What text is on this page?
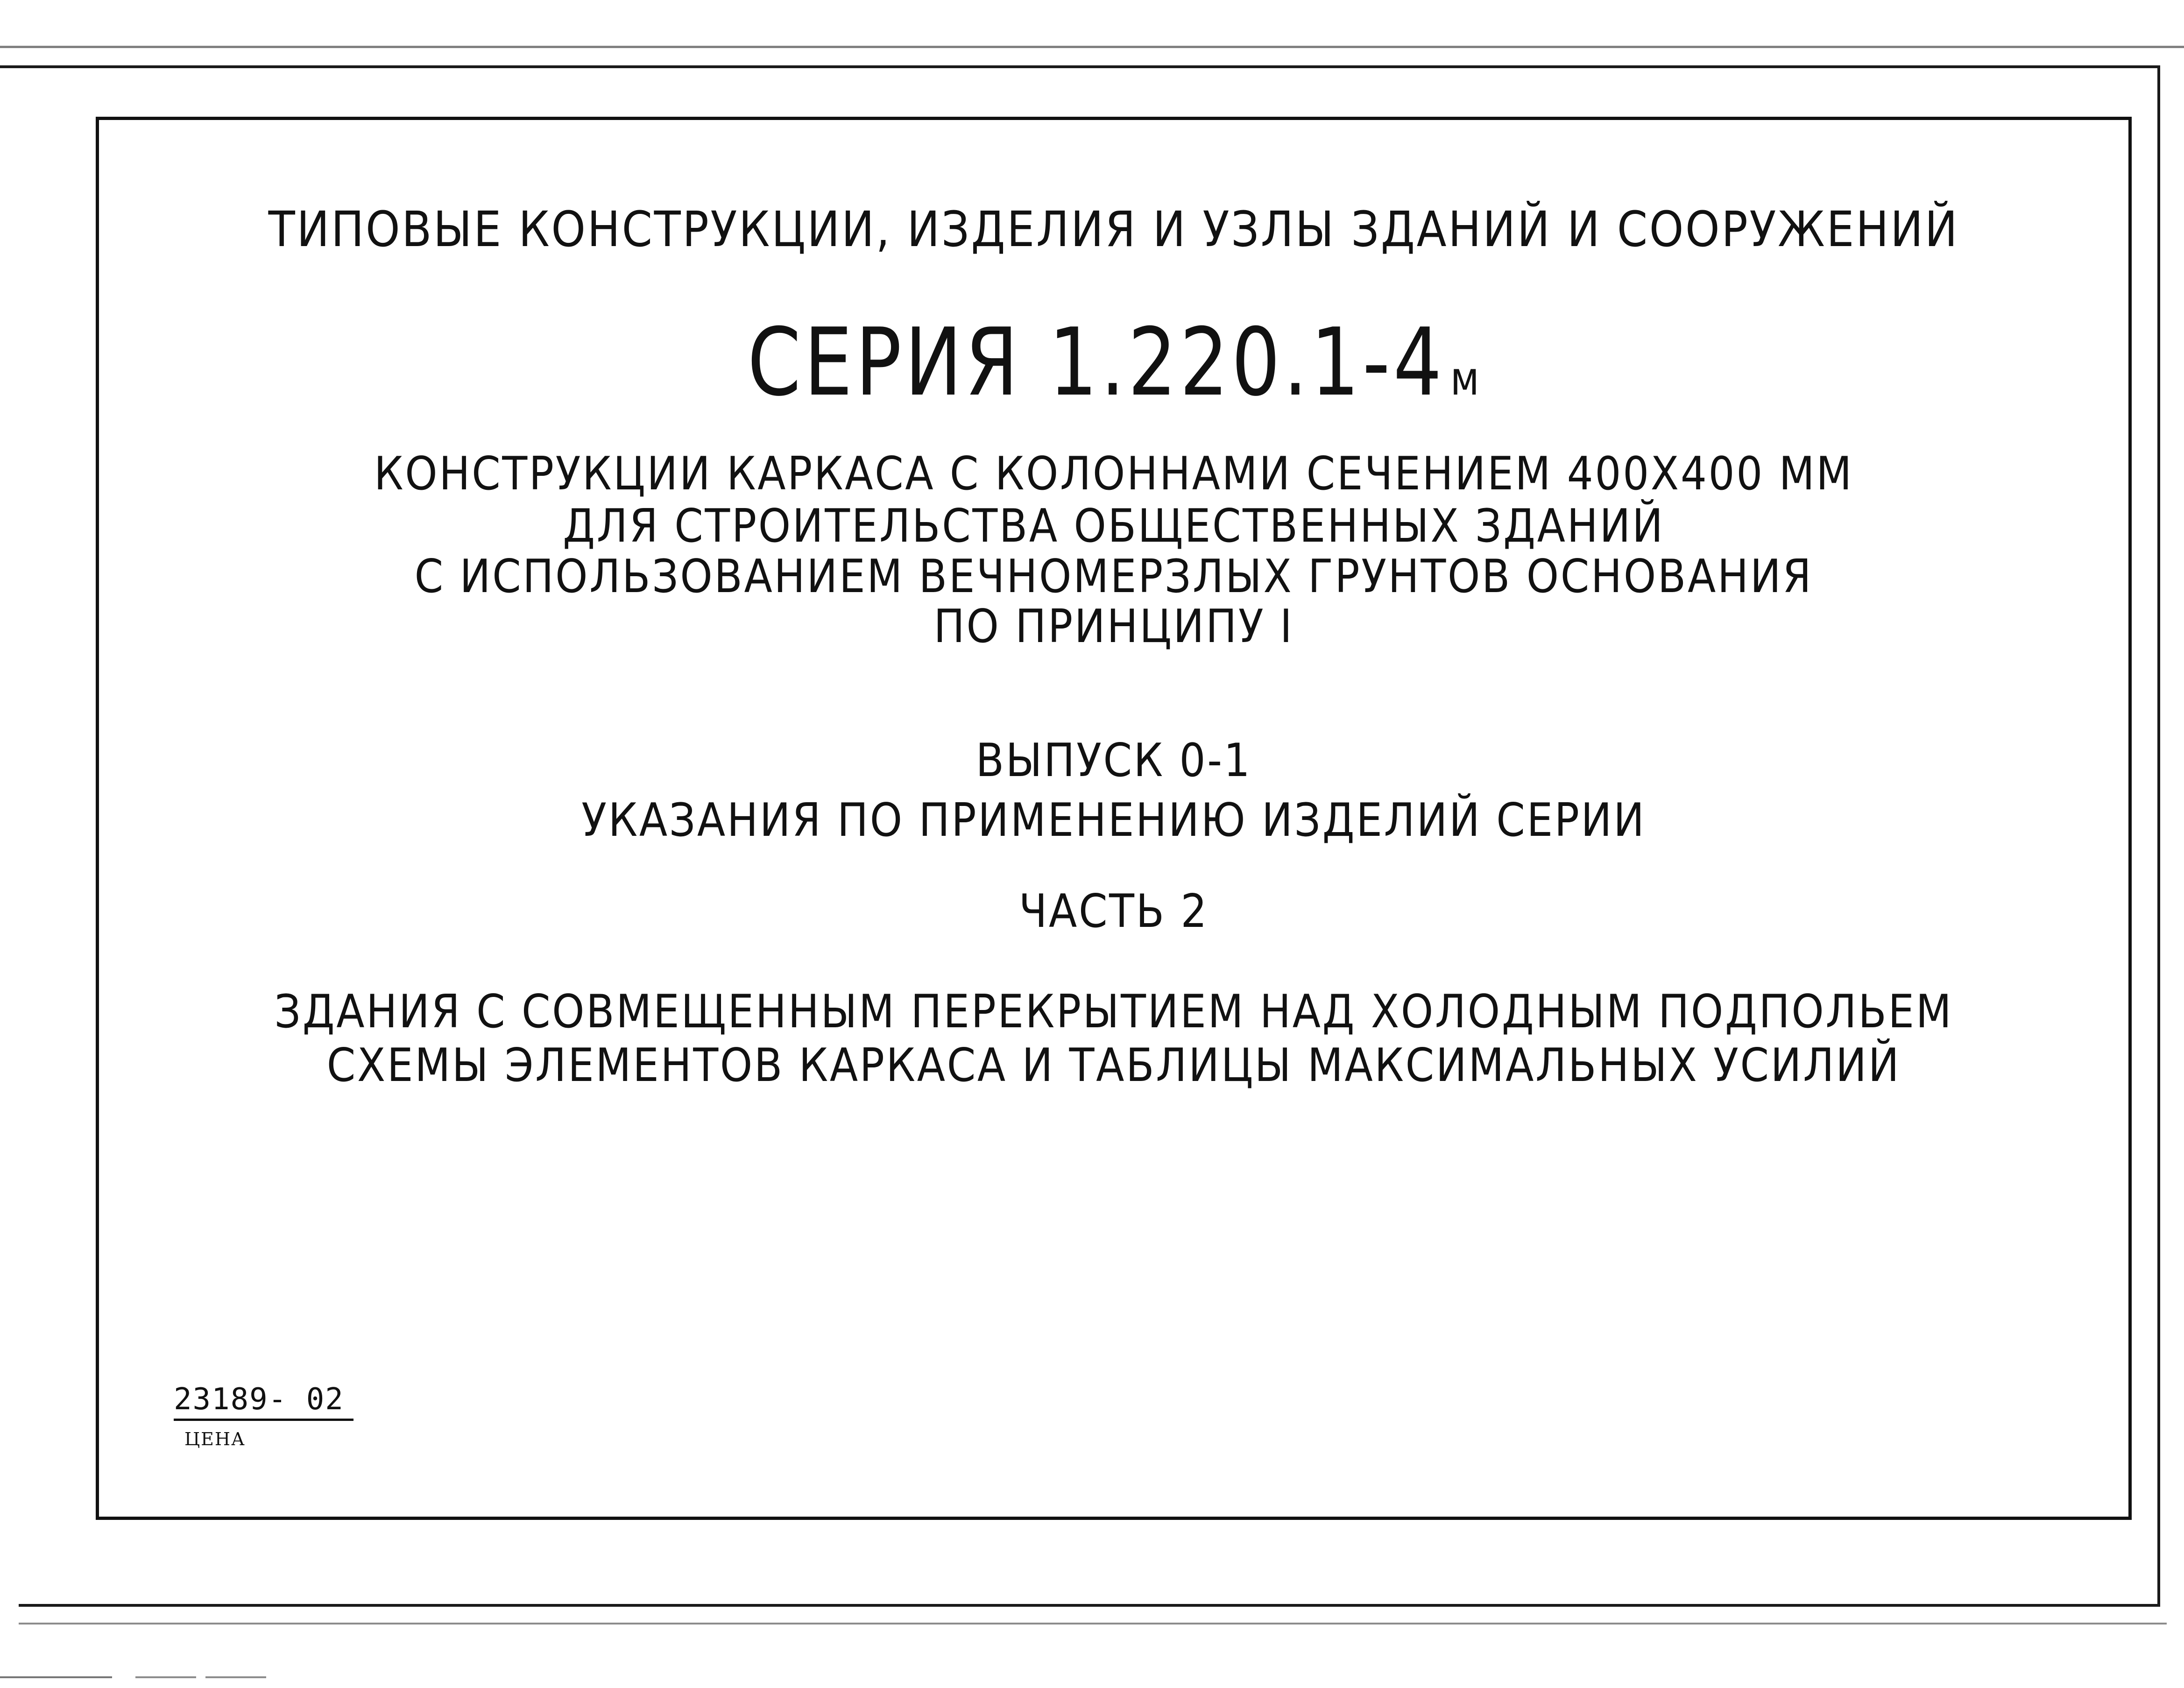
ТИПОВЫЕ КОНСТРУКЦИИ, ИЗДЕЛИЯ И УЗЛЫ ЗДАНИЙ И СООРУЖЕНИЙ
СЕРИЯ 1.220.1-4 м
КОНСТРУКЦИИ КАРКАСА С КОЛОННАМИ СЕЧЕНИЕМ 400Х400 ММ
ДЛЯ СТРОИТЕЛЬСТВА ОБЩЕСТВЕННЫХ ЗДАНИЙ
С ИСПОЛЬЗОВАНИЕМ ВЕЧНОМЕРЗЛЫХ ГРУНТОВ ОСНОВАНИЯ
ПО ПРИНЦИПУ I
ВЫПУСК 0-1
УКАЗАНИЯ ПО ПРИМЕНЕНИЮ ИЗДЕЛИЙ СЕРИИ
ЧАСТЬ 2
ЗДАНИЯ С СОВМЕЩЕННЫМ ПЕРЕКРЫТИЕМ НАД ХОЛОДНЫМ ПОДПОЛЬЕМ
СХЕМЫ ЭЛЕМЕНТОВ КАРКАСА И ТАБЛИЦЫ МАКСИМАЛЬНЫХ УСИЛИЙ
23189- 02
ЦЕНА
